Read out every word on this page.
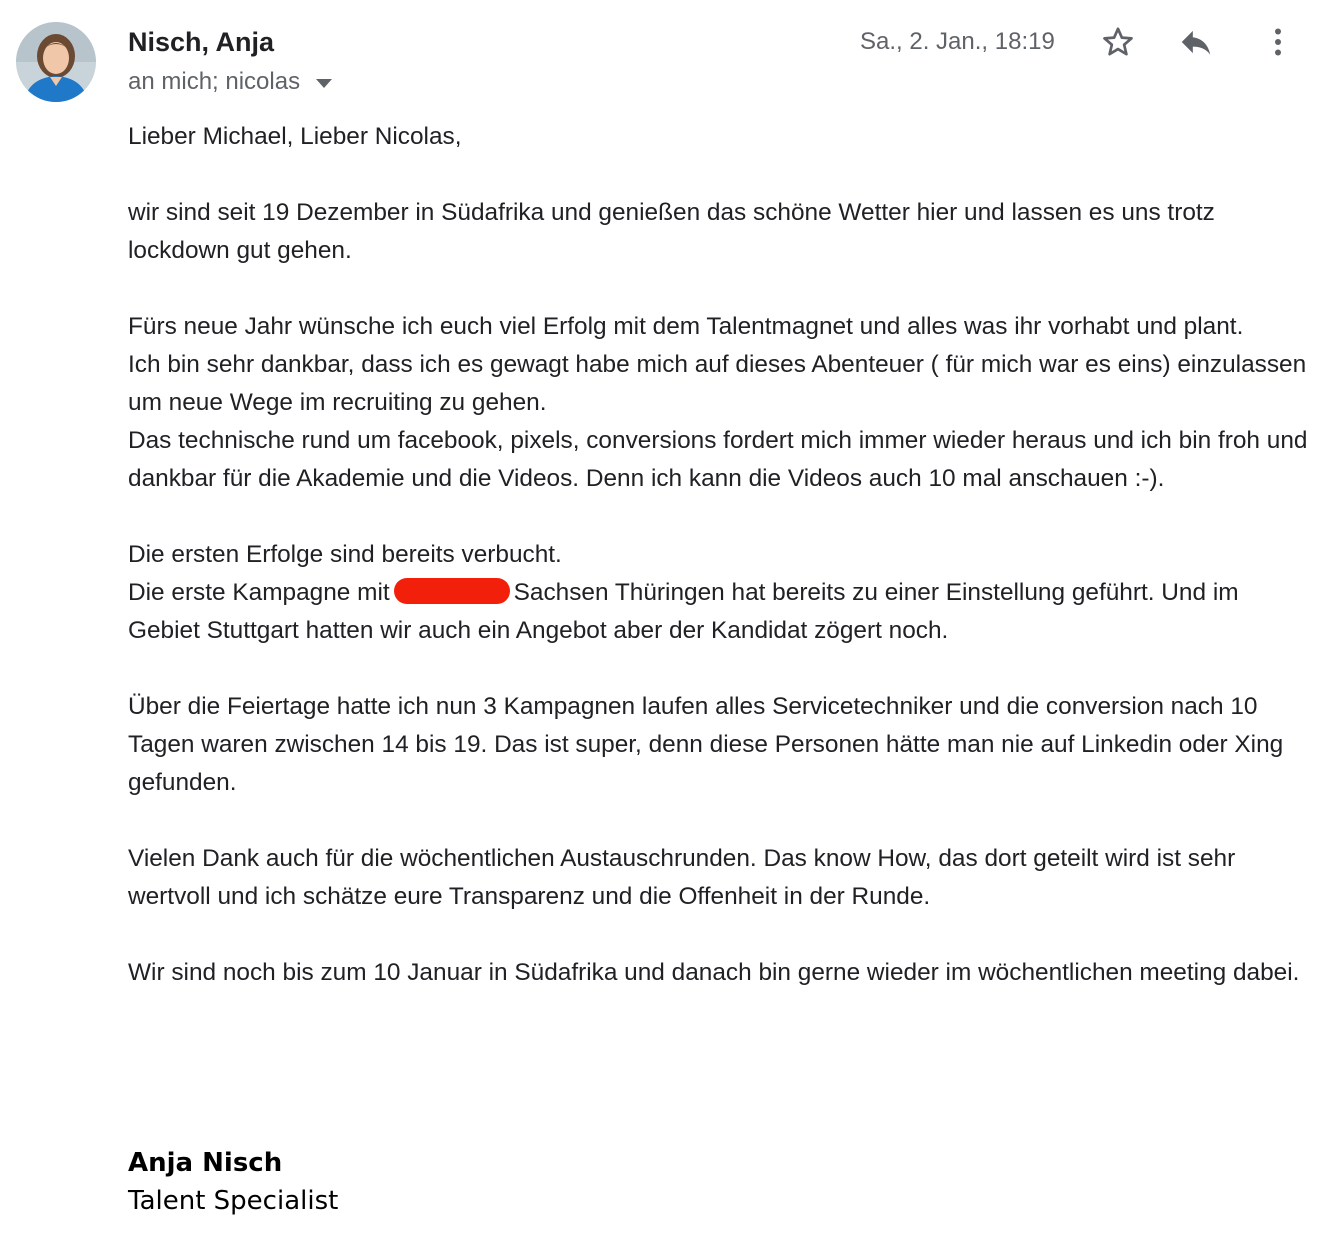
Nisch, Anja
an mich; nicolas
Sa., 2. Jan., 18:19

Lieber Michael, Lieber Nicolas,

wir sind seit 19 Dezember in Südafrika und genießen das schöne Wetter hier und lassen es uns trotz lockdown gut gehen.

Fürs neue Jahr wünsche ich euch viel Erfolg mit dem Talentmagnet und alles was ihr vorhabt und plant.

Ich bin sehr dankbar, dass ich es gewagt habe mich auf dieses Abenteuer ( für mich war es eins) einzulassen um neue Wege im recruiting zu gehen.

Das technische rund um facebook, pixels, conversions fordert mich immer wieder heraus und ich bin froh und dankbar für die Akademie und die Videos. Denn ich kann die Videos auch 10 mal anschauen :-).

Die ersten Erfolge sind bereits verbucht.

Die erste Kampagne mit	Sachsen Thüringen hat bereits zu einer Einstellung geführt. Und im Gebiet Stuttgart hatten wir auch ein Angebot aber der Kandidat zögert noch.

Über die Feiertage hatte ich nun 3 Kampagnen laufen alles Servicetechniker und die conversion nach 10 Tagen waren zwischen 14 bis 19. Das ist super, denn diese Personen hätte man nie auf Linkedin oder Xing gefunden.

Vielen Dank auch für die wöchentlichen Austauschrunden. Das know How, das dort geteilt wird ist sehr wertvoll und ich schätze eure Transparenz und die Offenheit in der Runde.

Wir sind noch bis zum 10 Januar in Südafrika und danach bin gerne wieder im wöchentlichen meeting dabei.

Anja Nisch
Talent Specialist
